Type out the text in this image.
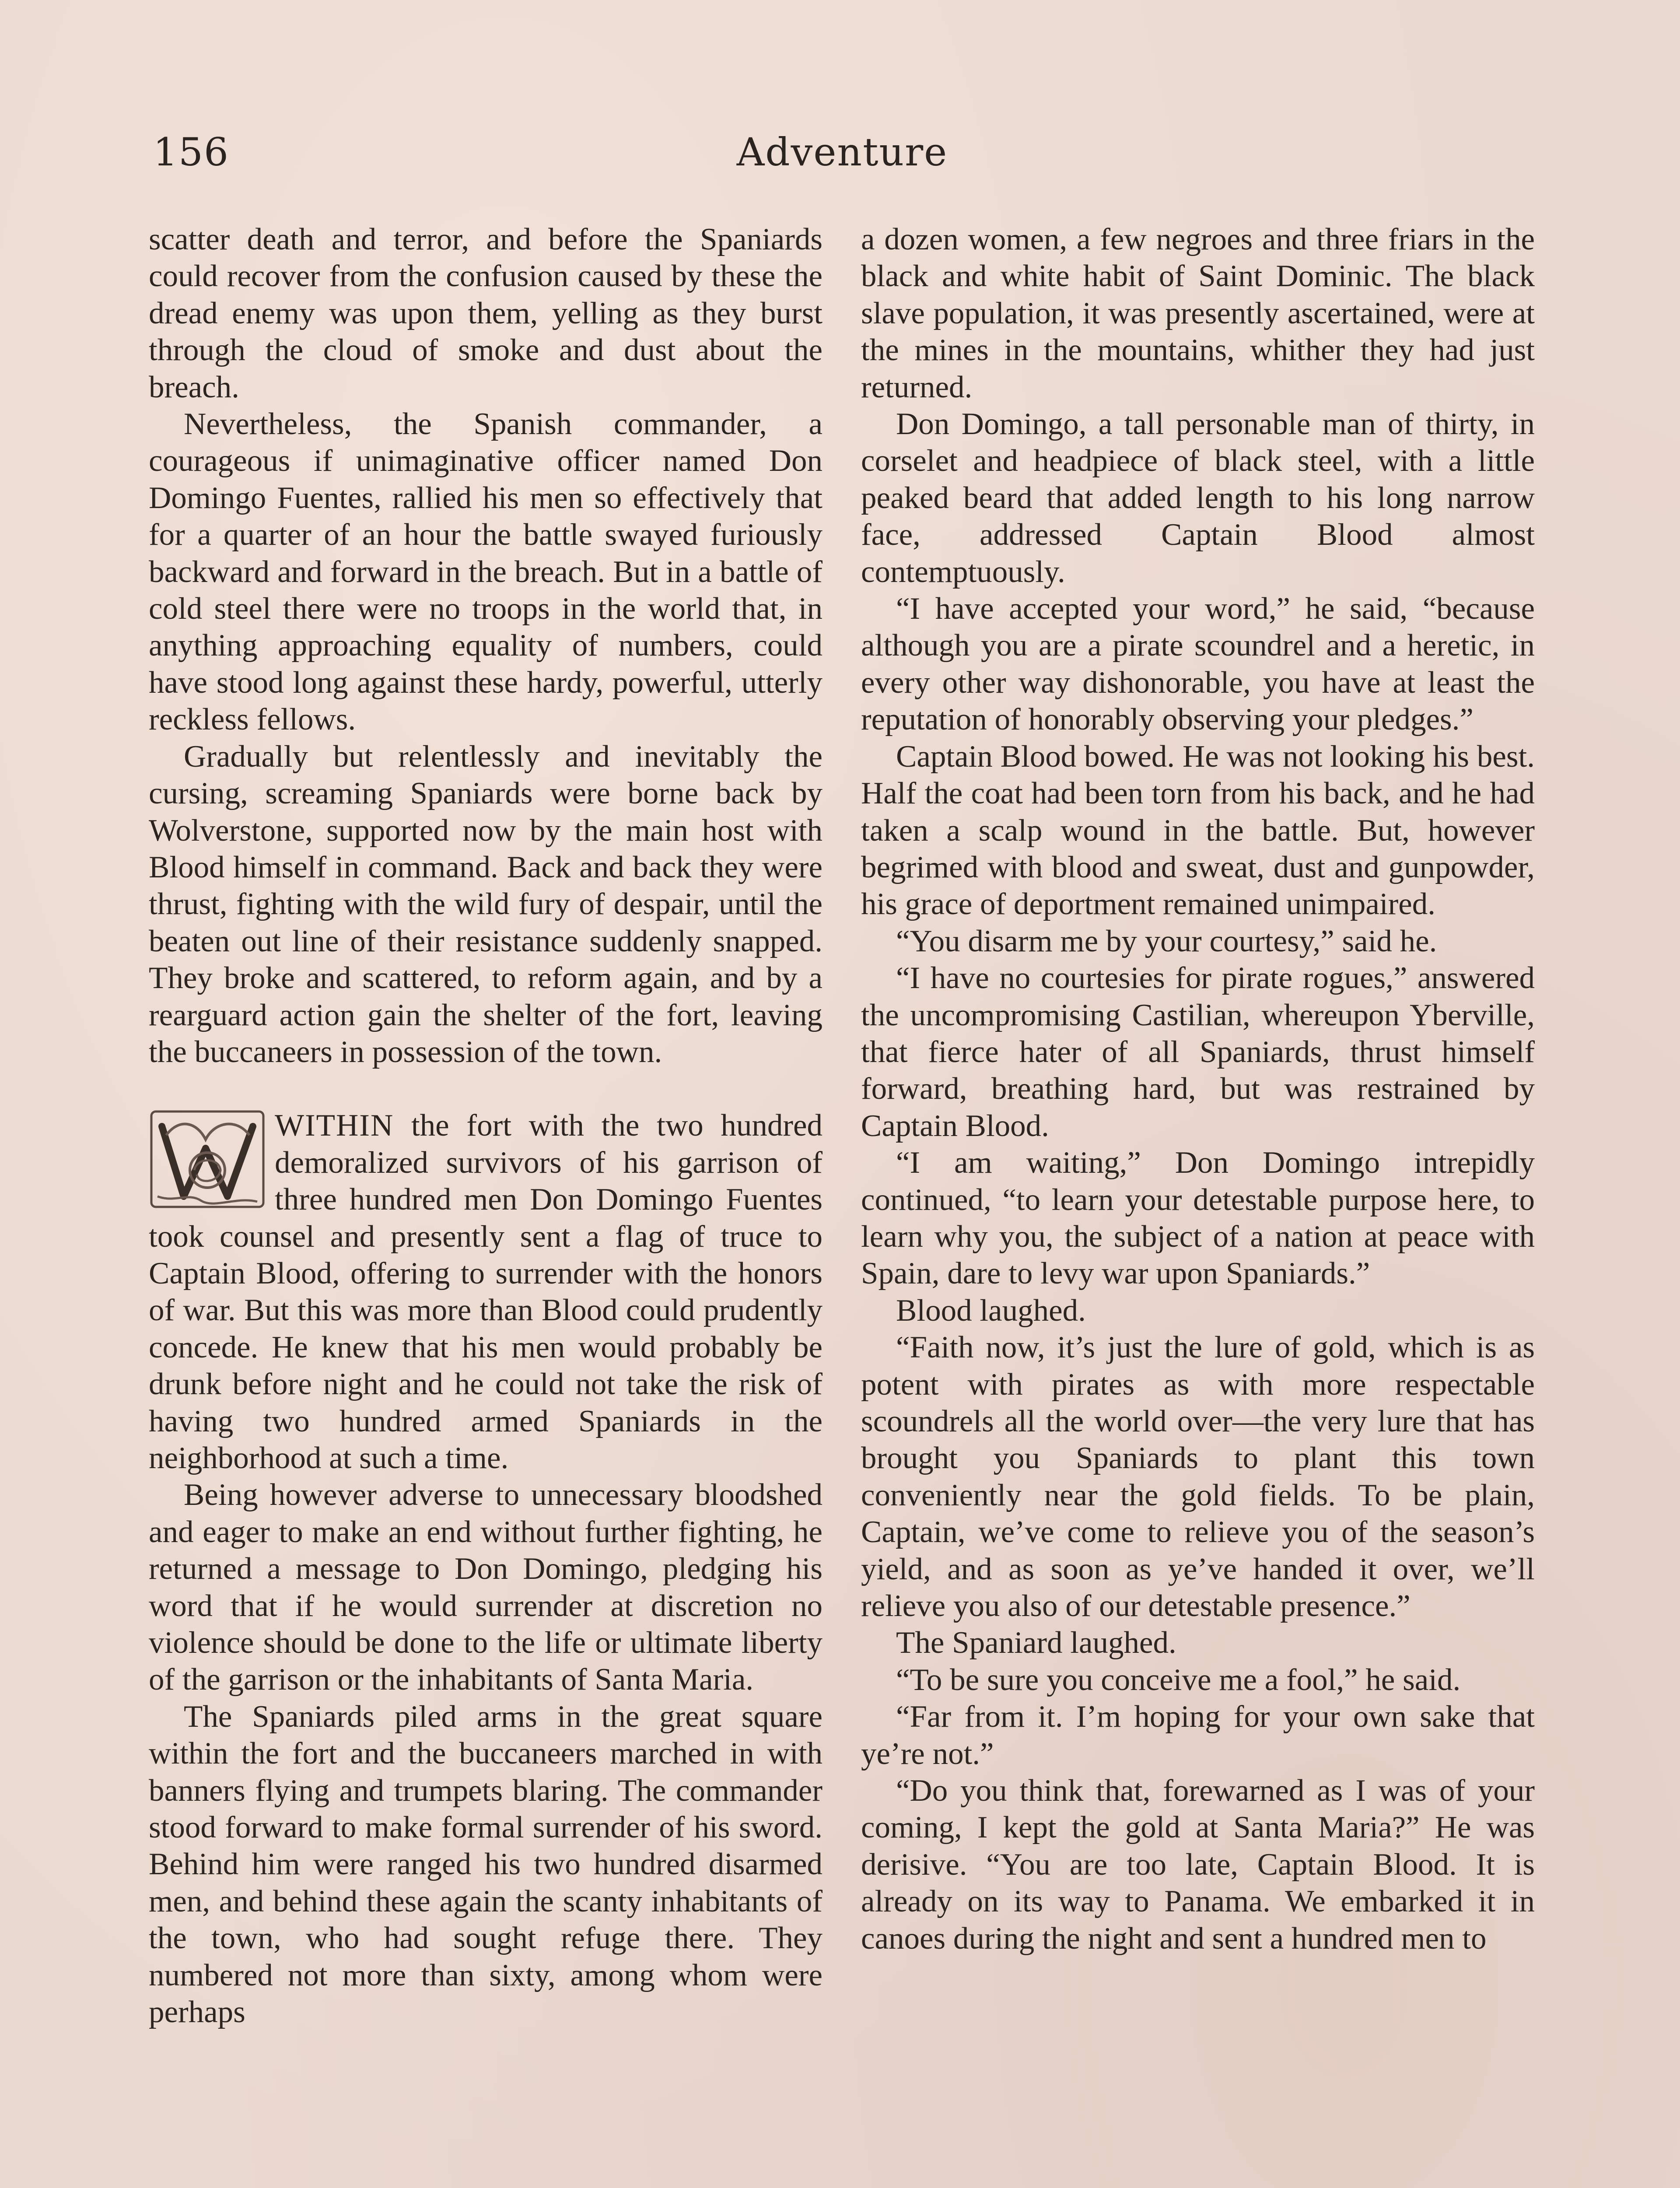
156	Adventure

scatter death and terror, and before the Spaniards could recover from the confusion caused by these the dread enemy was upon them, yelling as they burst through the cloud of smoke and dust about the breach.

Nevertheless, the Spanish commander, a courageous if unimaginative officer named Don Domingo Fuentes, rallied his men so effectively that for a quarter of an hour the battle swayed furiously backward and forward in the breach. But in a battle of cold steel there were no troops in the world that, in anything approaching equality of numbers, could have stood long against these hardy, powerful, utterly reckless fellows.

Gradually but relentlessly and inevitably the cursing, screaming Spaniards were borne back by Wolverstone, supported now by the main host with Blood himself in command. Back and back they were thrust, fighting with the wild fury of despair, until the beaten out line of their resistance suddenly snapped. They broke and scattered, to reform again, and by a rearguard action gain the shelter of the fort, leaving the buccaneers in possession of the town.

WITHIN the fort with the two hundred demoralized survivors of his garrison of three hundred men Don Domingo Fuentes took counsel and presently sent a flag of truce to Captain Blood, offering to surrender with the honors of war. But this was more than Blood could prudently concede. He knew that his men would probably be drunk before night and he could not take the risk of having two hundred armed Spaniards in the neighborhood at such a time.

Being however adverse to unnecessary bloodshed and eager to make an end without further fighting, he returned a message to Don Domingo, pledging his word that if he would surrender at discretion no violence should be done to the life or ultimate liberty of the garrison or the inhabitants of Santa Maria.

The Spaniards piled arms in the great square within the fort and the buccaneers marched in with banners flying and trumpets blaring. The commander stood forward to make formal surrender of his sword. Behind him were ranged his two hundred disarmed men, and behind these again the scanty inhabitants of the town, who had sought refuge there. They numbered not more than sixty, among whom were perhaps

a dozen women, a few negroes and three friars in the black and white habit of Saint Dominic. The black slave population, it was presently ascertained, were at the mines in the mountains, whither they had just returned.

Don Domingo, a tall personable man of thirty, in corselet and headpiece of black steel, with a little peaked beard that added length to his long narrow face, addressed Captain Blood almost contemptuously.

“I have accepted your word,” he said, “because although you are a pirate scoundrel and a heretic, in every other way dishonorable, you have at least the reputation of honorably observing your pledges.”

Captain Blood bowed. He was not looking his best. Half the coat had been torn from his back, and he had taken a scalp wound in the battle. But, however begrimed with blood and sweat, dust and gunpowder, his grace of deportment remained unimpaired.

“You disarm me by your courtesy,” said he.

“I have no courtesies for pirate rogues,” answered the uncompromising Castilian, whereupon Yberville, that fierce hater of all Spaniards, thrust himself forward, breathing hard, but was restrained by Captain Blood.

“I am waiting,” Don Domingo intrepidly continued, “to learn your detestable purpose here, to learn why you, the subject of a nation at peace with Spain, dare to levy war upon Spaniards.”

Blood laughed.

“Faith now, it’s just the lure of gold, which is as potent with pirates as with more respectable scoundrels all the world over—the very lure that has brought you Spaniards to plant this town conveniently near the gold fields. To be plain, Captain, we’ve come to relieve you of the season’s yield, and as soon as ye’ve handed it over, we’ll relieve you also of our detestable presence.”

The Spaniard laughed.

“To be sure you conceive me a fool,” he said.

“Far from it. I’m hoping for your own sake that ye’re not.”

“Do you think that, forewarned as I was of your coming, I kept the gold at Santa Maria?” He was derisive. “You are too late, Captain Blood. It is already on its way to Panama. We embarked it in canoes during the night and sent a hundred men to
